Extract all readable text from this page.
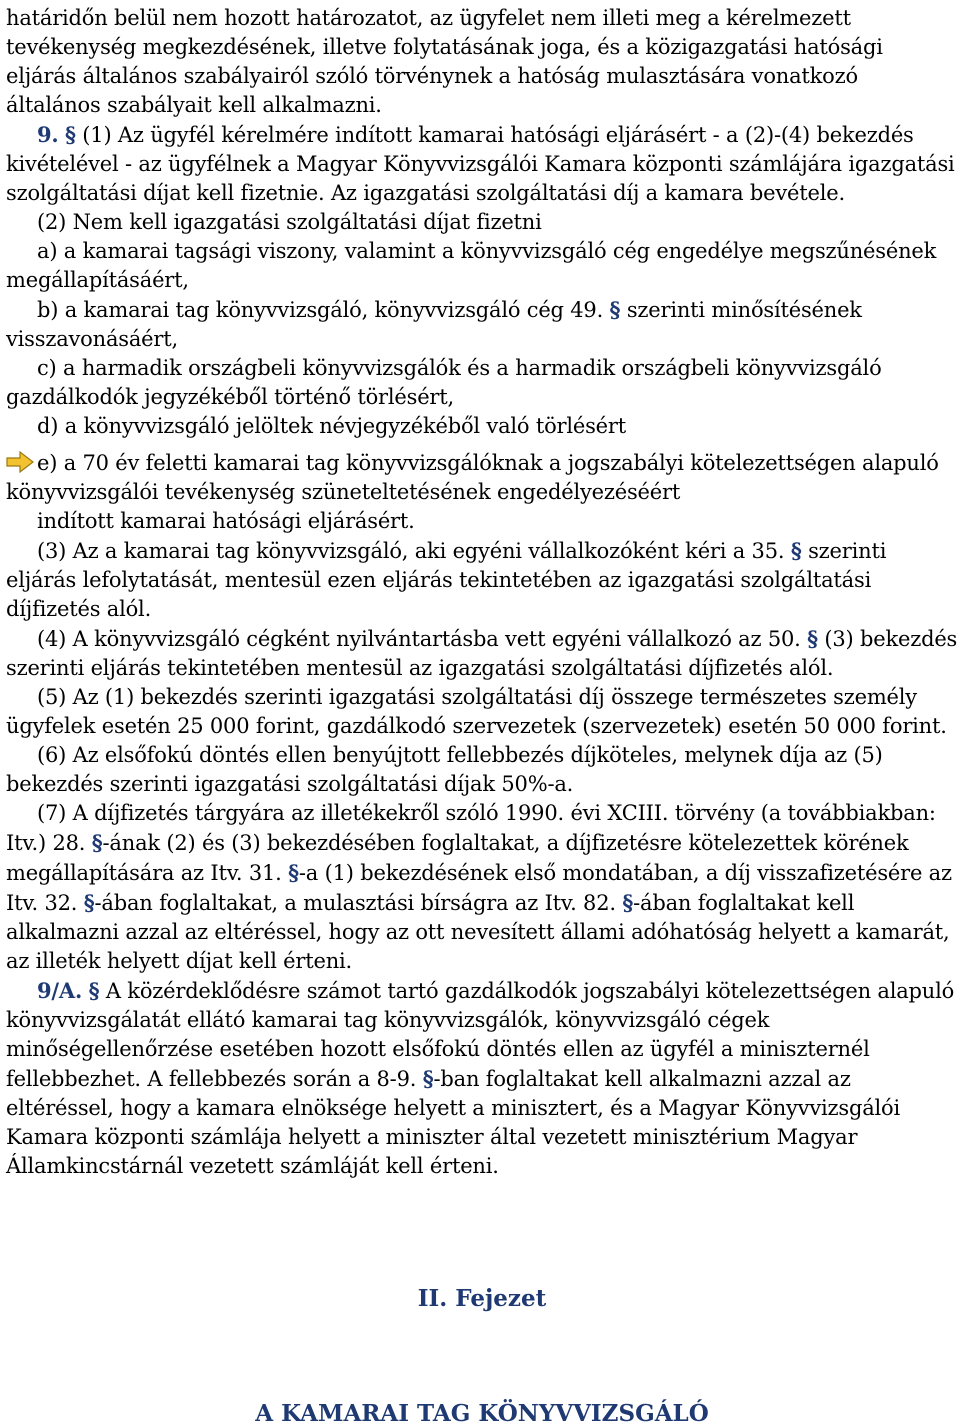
határidőn belül nem hozott határozatot, az ügyfelet nem illeti meg a kérelmezett tevékenység megkezdésének, illetve folytatásának joga, és a közigazgatási hatósági eljárás általános szabályairól szóló törvénynek a hatóság mulasztására vonatkozó általános szabályait kell alkalmazni.

9. § (1) Az ügyfél kérelmére indított kamarai hatósági eljárásért - a (2)-(4) bekezdés kivételével - az ügyfélnek a Magyar Könyvvizsgálói Kamara központi számlájára igazgatási szolgáltatási díjat kell fizetnie. Az igazgatási szolgáltatási díj a kamara bevétele.

(2) Nem kell igazgatási szolgáltatási díjat fizetni

a) a kamarai tagsági viszony, valamint a könyvvizsgáló cég engedélye megszűnésének megállapításáért,

b) a kamarai tag könyvvizsgáló, könyvvizsgáló cég 49. § szerinti minősítésének visszavonásáért,

c) a harmadik országbeli könyvvizsgálók és a harmadik országbeli könyvvizsgáló gazdálkodók jegyzékéből történő törlésért,

d) a könyvvizsgáló jelöltek névjegyzékéből való törlésért

e) a 70 év feletti kamarai tag könyvvizsgálóknak a jogszabályi kötelezettségen alapuló könyvvizsgálói tevékenység szüneteltetésének engedélyezéséért

indított kamarai hatósági eljárásért.

(3) Az a kamarai tag könyvvizsgáló, aki egyéni vállalkozóként kéri a 35. § szerinti eljárás lefolytatását, mentesül ezen eljárás tekintetében az igazgatási szolgáltatási díjfizetés alól.

(4) A könyvvizsgáló cégként nyilvántartásba vett egyéni vállalkozó az 50. § (3) bekezdés szerinti eljárás tekintetében mentesül az igazgatási szolgáltatási díjfizetés alól.

(5) Az (1) bekezdés szerinti igazgatási szolgáltatási díj összege természetes személy ügyfelek esetén 25 000 forint, gazdálkodó szervezetek (szervezetek) esetén 50 000 forint.

(6) Az elsőfokú döntés ellen benyújtott fellebbezés díjköteles, melynek díja az (5) bekezdés szerinti igazgatási szolgáltatási díjak 50%-a.

(7) A díjfizetés tárgyára az illetékekről szóló 1990. évi XCIII. törvény (a továbbiakban: Itv.) 28. §-ának (2) és (3) bekezdésében foglaltakat, a díjfizetésre kötelezettek körének megállapítására az Itv. 31. §-a (1) bekezdésének első mondatában, a díj visszafizetésére az Itv. 32. §-ában foglaltakat, a mulasztási bírságra az Itv. 82. §-ában foglaltakat kell alkalmazni azzal az eltéréssel, hogy az ott nevesített állami adóhatóság helyett a kamarát, az illeték helyett díjat kell érteni.

9/A. § A közérdeklődésre számot tartó gazdálkodók jogszabályi kötelezettségen alapuló könyvvizsgálatát ellátó kamarai tag könyvvizsgálók, könyvvizsgáló cégek minőségellenőrzése esetében hozott elsőfokú döntés ellen az ügyfél a miniszternél fellebbezhet. A fellebbezés során a 8-9. §-ban foglaltakat kell alkalmazni azzal az eltéréssel, hogy a kamara elnöksége helyett a minisztert, és a Magyar Könyvvizsgálói Kamara központi számlája helyett a miniszter által vezetett minisztérium Magyar Államkincstárnál vezetett számláját kell érteni.

II. Fejezet
A KAMARAI TAG KÖNYVVIZSGÁLÓ
